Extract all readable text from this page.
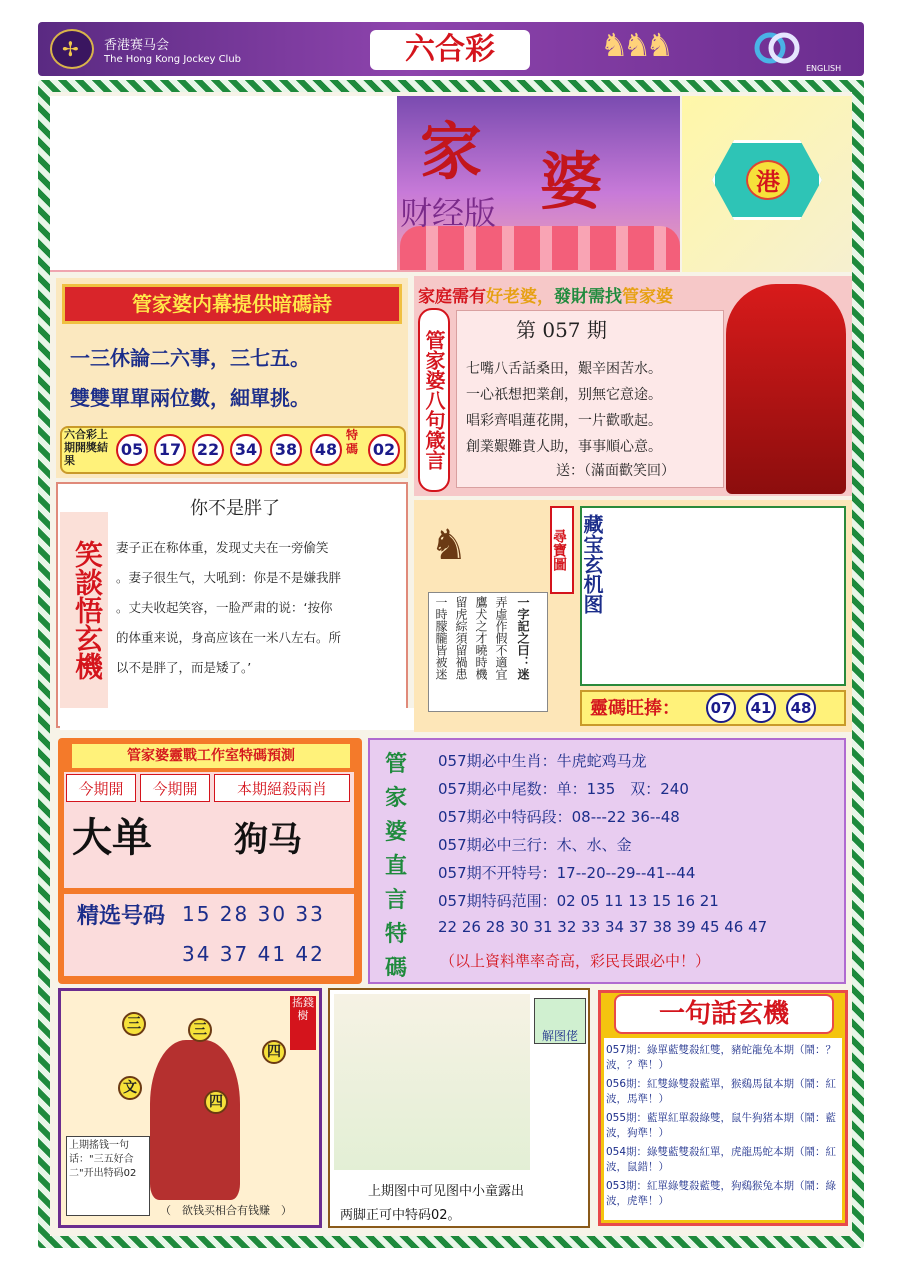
✢ 香港赛马会
The Hong Kong Jockey Club	六合彩	♞♞♞
ENGLISH
家 婆
财经版
港
管家婆内幕提供暗碼詩
一三休論二六事，三七五。
雙雙單單兩位數，細單挑。
六合彩上期開獎結果
05 17 22 34	38	48
特碼 02
家庭需有好老婆，發財需找管家婆
管家婆八句箴言	第 057 期
七嘴八舌話桑田，艱辛困苦水。
一心祇想把業創，别無它意途。
唱彩齊唱蓮花開，一片歡歌起。
創業艱難貴人助，事事順心意。
送：（滿面歡笑回）
笑談悟玄機
你不是胖了
妻子正在称体重，发现丈夫在一旁偷笑
。妻子很生气，大吼到：你是不是嫌我胖
。丈夫收起笑容，一脸严肃的说：‘按你
的体重来说，身高应该在一米八左右。所
以不是胖了，而是矮了。’
♞
一時朦朧皆被迷 留虎綜須留禍患 鷹犬之才曉時機 弄虛作假不適宜 一字記之曰：迷
尋寶圖 藏宝玄机图
靈碼旺捧：	07	41	48
管家婆靈戰工作室特碼預測
今期開	今期開	本期絕殺兩肖
大单 狗马
精选号码 15 28 30 33
34 37 41 42
管家婆直言特碼
057期必中生肖：牛虎蛇鸡马龙
057期必中尾数：单：135　双：240
057期必中特码段：08---22 36--48
057期必中三行：木、水、金
057期不开特号：17--20--29--41--44
057期特码范围：02 05 11 13 15 16 21
22 26 28 30 31 32 33 34 37 38 39 45 46 47
（以上資料準率奇高，彩民長跟必中！）
三	三
四
文
四
搖錢樹
上期搖钱一句话："三五好合二"开出特码02
（　欲钱买相合有钱赚　）
解图佬
上期图中可见图中小童露出
两脚正可中特码02。
一句話玄機
057期：綠單藍雙殺紅雙，豬蛇龍兔本期（鬧：？波，？準！）
056期：紅雙綠雙殺藍單，猴鷄馬鼠本期（鬧：紅波，馬準！）
055期：藍單紅單殺綠雙，鼠牛狗猪本期（鬧：藍波，狗準！）
054期：綠雙藍雙殺紅單，虎龍馬蛇本期（鬧：紅波，鼠錯！）
053期：紅單綠雙殺藍雙，狗鷄猴兔本期（鬧：綠波，虎準！）
